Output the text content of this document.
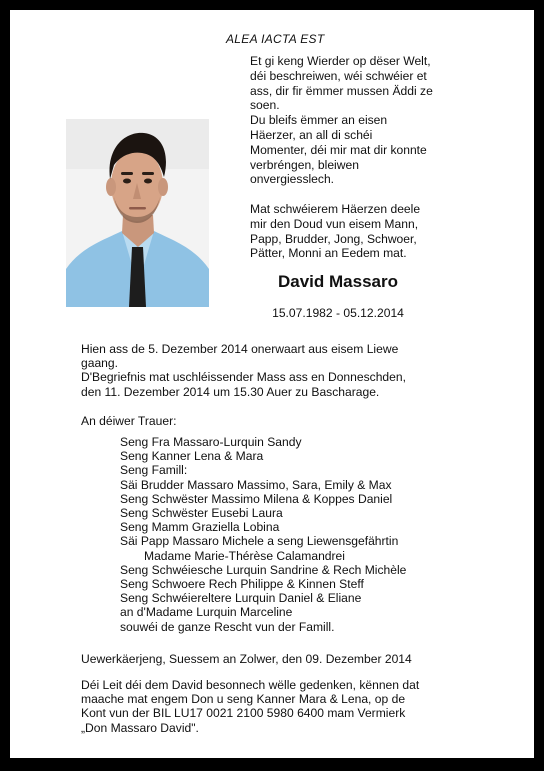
ALEA IACTA EST

Et gi keng Wierder op dëser Welt,
déi beschreiwen, wéi schwéier et
ass, dir fir ëmmer mussen Äddi ze
soen.
Du bleifs ëmmer an eisen
Häerzer, an all di schéi
Momenter, déi mir mat dir konnte
verbréngen, bleiwen
onvergiesslech.

Mat schwéierem Häerzen deele
mir den Doud vun eisem Mann,
Papp, Brudder, Jong, Schwoer,
Pätter, Monni an Eedem mat.

David Massaro
15.07.1982 - 05.12.2014

Hien ass de 5. Dezember 2014 onerwaart aus eisem Liewe

gaang.

D'Begriefnis mat uschléissender Mass ass en Donneschden,

den 11. Dezember 2014 um 15.30 Auer zu Bascharage.

An déiwer Trauer:
Seng Fra Massaro-Lurquin Sandy
Seng Kanner Lena & Mara
Seng Famill:
Säi Brudder Massaro Massimo, Sara, Emily & Max
Seng Schwëster Massimo Milena & Koppes Daniel
Seng Schwëster Eusebi Laura
Seng Mamm Graziella Lobina
Säi Papp Massaro Michele a seng Liewensgefährtin
Madame Marie-Thérèse Calamandrei
Seng Schwéiesche Lurquin Sandrine & Rech Michèle
Seng Schwoere Rech Philippe & Kinnen Steff
Seng Schwéiereltere Lurquin Daniel & Eliane
an d'Madame Lurquin Marceline
souwéi de ganze Rescht vun der Famill.
Uewerkäerjeng, Suessem an Zolwer, den 09. Dezember 2014

Déi Leit déi dem David besonnech wëlle gedenken, kënnen dat

maache mat engem Don u seng Kanner Mara & Lena, op de

Kont vun der BIL LU17 0021 2100 5980 6400 mam Vermierk

„Don Massaro David".
